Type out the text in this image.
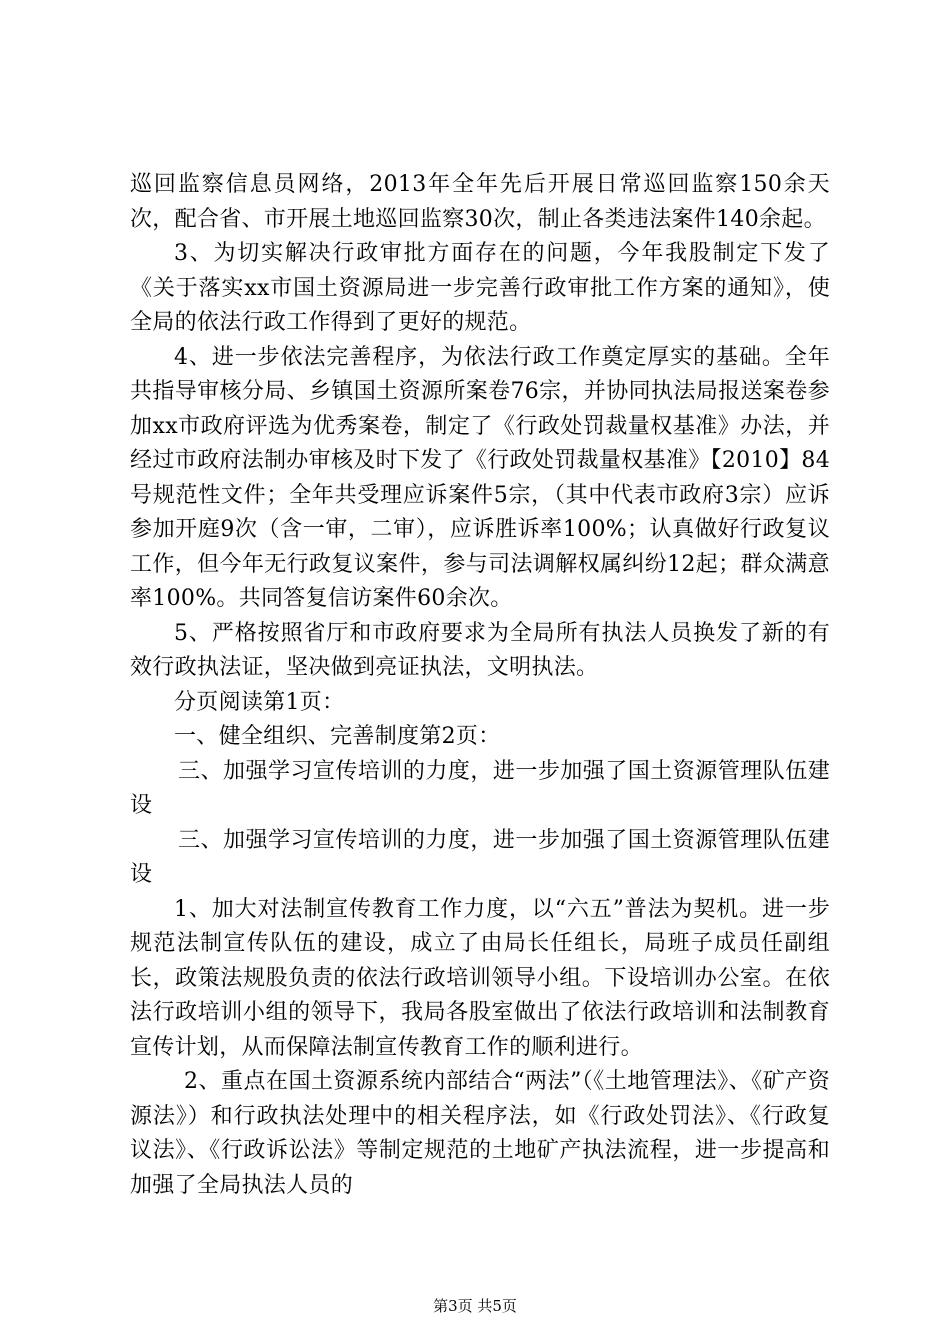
巡回监察信息员网络，2013年全年先后开展日常巡回监察150余天次，配合省、市开展土地巡回监察30次，制止各类违法案件140余起。

3、为切实解决行政审批方面存在的问题，今年我股制定下发了《关于落实xx市国土资源局进一步完善行政审批工作方案的通知》，使全局的依法行政工作得到了更好的规范。

4、进一步依法完善程序，为依法行政工作奠定厚实的基础。全年共指导审核分局、乡镇国土资源所案卷76宗，并协同执法局报送案卷参加xx市政府评选为优秀案卷，制定了《行政处罚裁量权基准》办法，并经过市政府法制办审核及时下发了《行政处罚裁量权基准》【2010】84号规范性文件；全年共受理应诉案件5宗，（其中代表市政府3宗）应诉参加开庭9次（含一审，二审），应诉胜诉率100%；认真做好行政复议工作，但今年无行政复议案件，参与司法调解权属纠纷12起；群众满意率100%。共同答复信访案件60余次。

5、严格按照省厅和市政府要求为全局所有执法人员换发了新的有效行政执法证，坚决做到亮证执法，文明执法。

分页阅读第1页：

一、健全组织、完善制度第2页：

三、加强学习宣传培训的力度，进一步加强了国土资源管理队伍建设

三、加强学习宣传培训的力度，进一步加强了国土资源管理队伍建设

1、加大对法制宣传教育工作力度，以“六五”普法为契机。进一步规范法制宣传队伍的建设，成立了由局长任组长，局班子成员任副组长，政策法规股负责的依法行政培训领导小组。下设培训办公室。在依法行政培训小组的领导下，我局各股室做出了依法行政培训和法制教育宣传计划，从而保障法制宣传教育工作的顺利进行。

2、重点在国土资源系统内部结合“两法”（《土地管理法》、《矿产资源法》）和行政执法处理中的相关程序法，如《行政处罚法》、《行政复议法》、《行政诉讼法》等制定规范的土地矿产执法流程，进一步提高和加强了全局执法人员的

第3页 共5页
